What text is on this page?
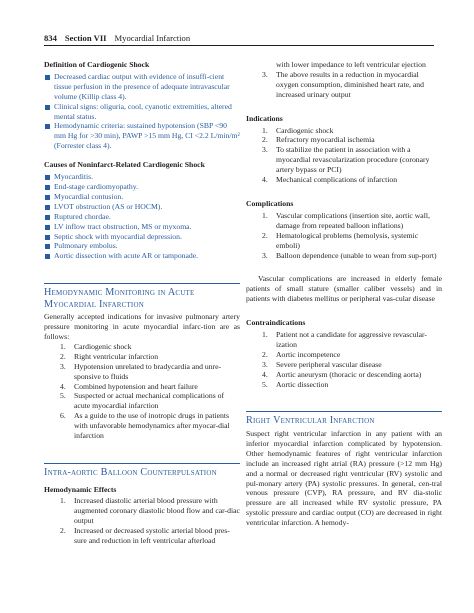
834 Section VII Myocardial Infarction
Definition of Cardiogenic Shock
Decreased cardiac output with evidence of insuffi-cient tissue perfusion in the presence of adequate intravascular volume (Killip class 4).
Clinical signs: oliguria, cool, cyanotic extremities, altered mental status.
Hemodynamic criteria: sustained hypotension (SBP <90 mm Hg for >30 min), PAWP >15 mm Hg, CI <2.2 L/min/m² (Forrester class 4).
Causes of Noninfarct-Related Cardiogenic Shock
Myocarditis.
End-stage cardiomyopathy.
Myocardial contusion.
LVOT obstruction (AS or HOCM).
Ruptured chordae.
LV inflow tract obstruction, MS or myxoma.
Septic shock with myocardial depression.
Pulmonary embolus.
Aortic dissection with acute AR or tamponade.
Hemodynamic Monitoring in Acute Myocardial Infarction
Generally accepted indications for invasive pulmonary artery pressure monitoring in acute myocardial infarc-tion are as follows:
1. Cardiogenic shock
2. Right ventricular infarction
3. Hypotension unrelated to bradycardia and unre-sponsive to fluids
4. Combined hypotension and heart failure
5. Suspected or actual mechanical complications of acute myocardial infarction
6. As a guide to the use of inotropic drugs in patients with unfavorable hemodynamics after myocar-dial infarction
Intra-aortic Balloon Counterpulsation
Hemodynamic Effects
1. Increased diastolic arterial blood pressure with augmented coronary diastolic blood flow and car-diac output
2. Increased or decreased systolic arterial blood pres-sure and reduction in left ventricular afterload
with lower impedance to left ventricular ejection
3. The above results in a reduction in myocardial oxygen consumption, diminished heart rate, and increased urinary output
Indications
1. Cardiogenic shock
2. Refractory myocardial ischemia
3. To stabilize the patient in association with a myocardial revascularization procedure (coronary artery bypass or PCI)
4. Mechanical complications of infarction
Complications
1. Vascular complications (insertion site, aortic wall, damage from repeated balloon inflations)
2. Hematological problems (hemolysis, systemic emboli)
3. Balloon dependence (unable to wean from sup-port)
Vascular complications are increased in elderly female patients of small stature (smaller caliber vessels) and in patients with diabetes mellitus or peripheral vas-cular disease
Contraindications
1. Patient not a candidate for aggressive revascular-ization
2. Aortic incompetence
3. Severe peripheral vascular disease
4. Aortic aneurysm (thoracic or descending aorta)
5. Aortic dissection
Right Ventricular Infarction
Suspect right ventricular infarction in any patient with an inferior myocardial infarction complicated by hypotension. Other hemodynamic features of right ventricular infarction include an increased right atrial (RA) pressure (>12 mm Hg) and a normal or decreased right ventricular (RV) systolic and pul-monary artery (PA) systolic pressures. In general, cen-tral venous pressure (CVP), RA pressure, and RV dia-stolic pressure are all increased while RV systolic pressure, PA systolic pressure and cardiac output (CO) are decreased in right ventricular infarction. A hemody-
